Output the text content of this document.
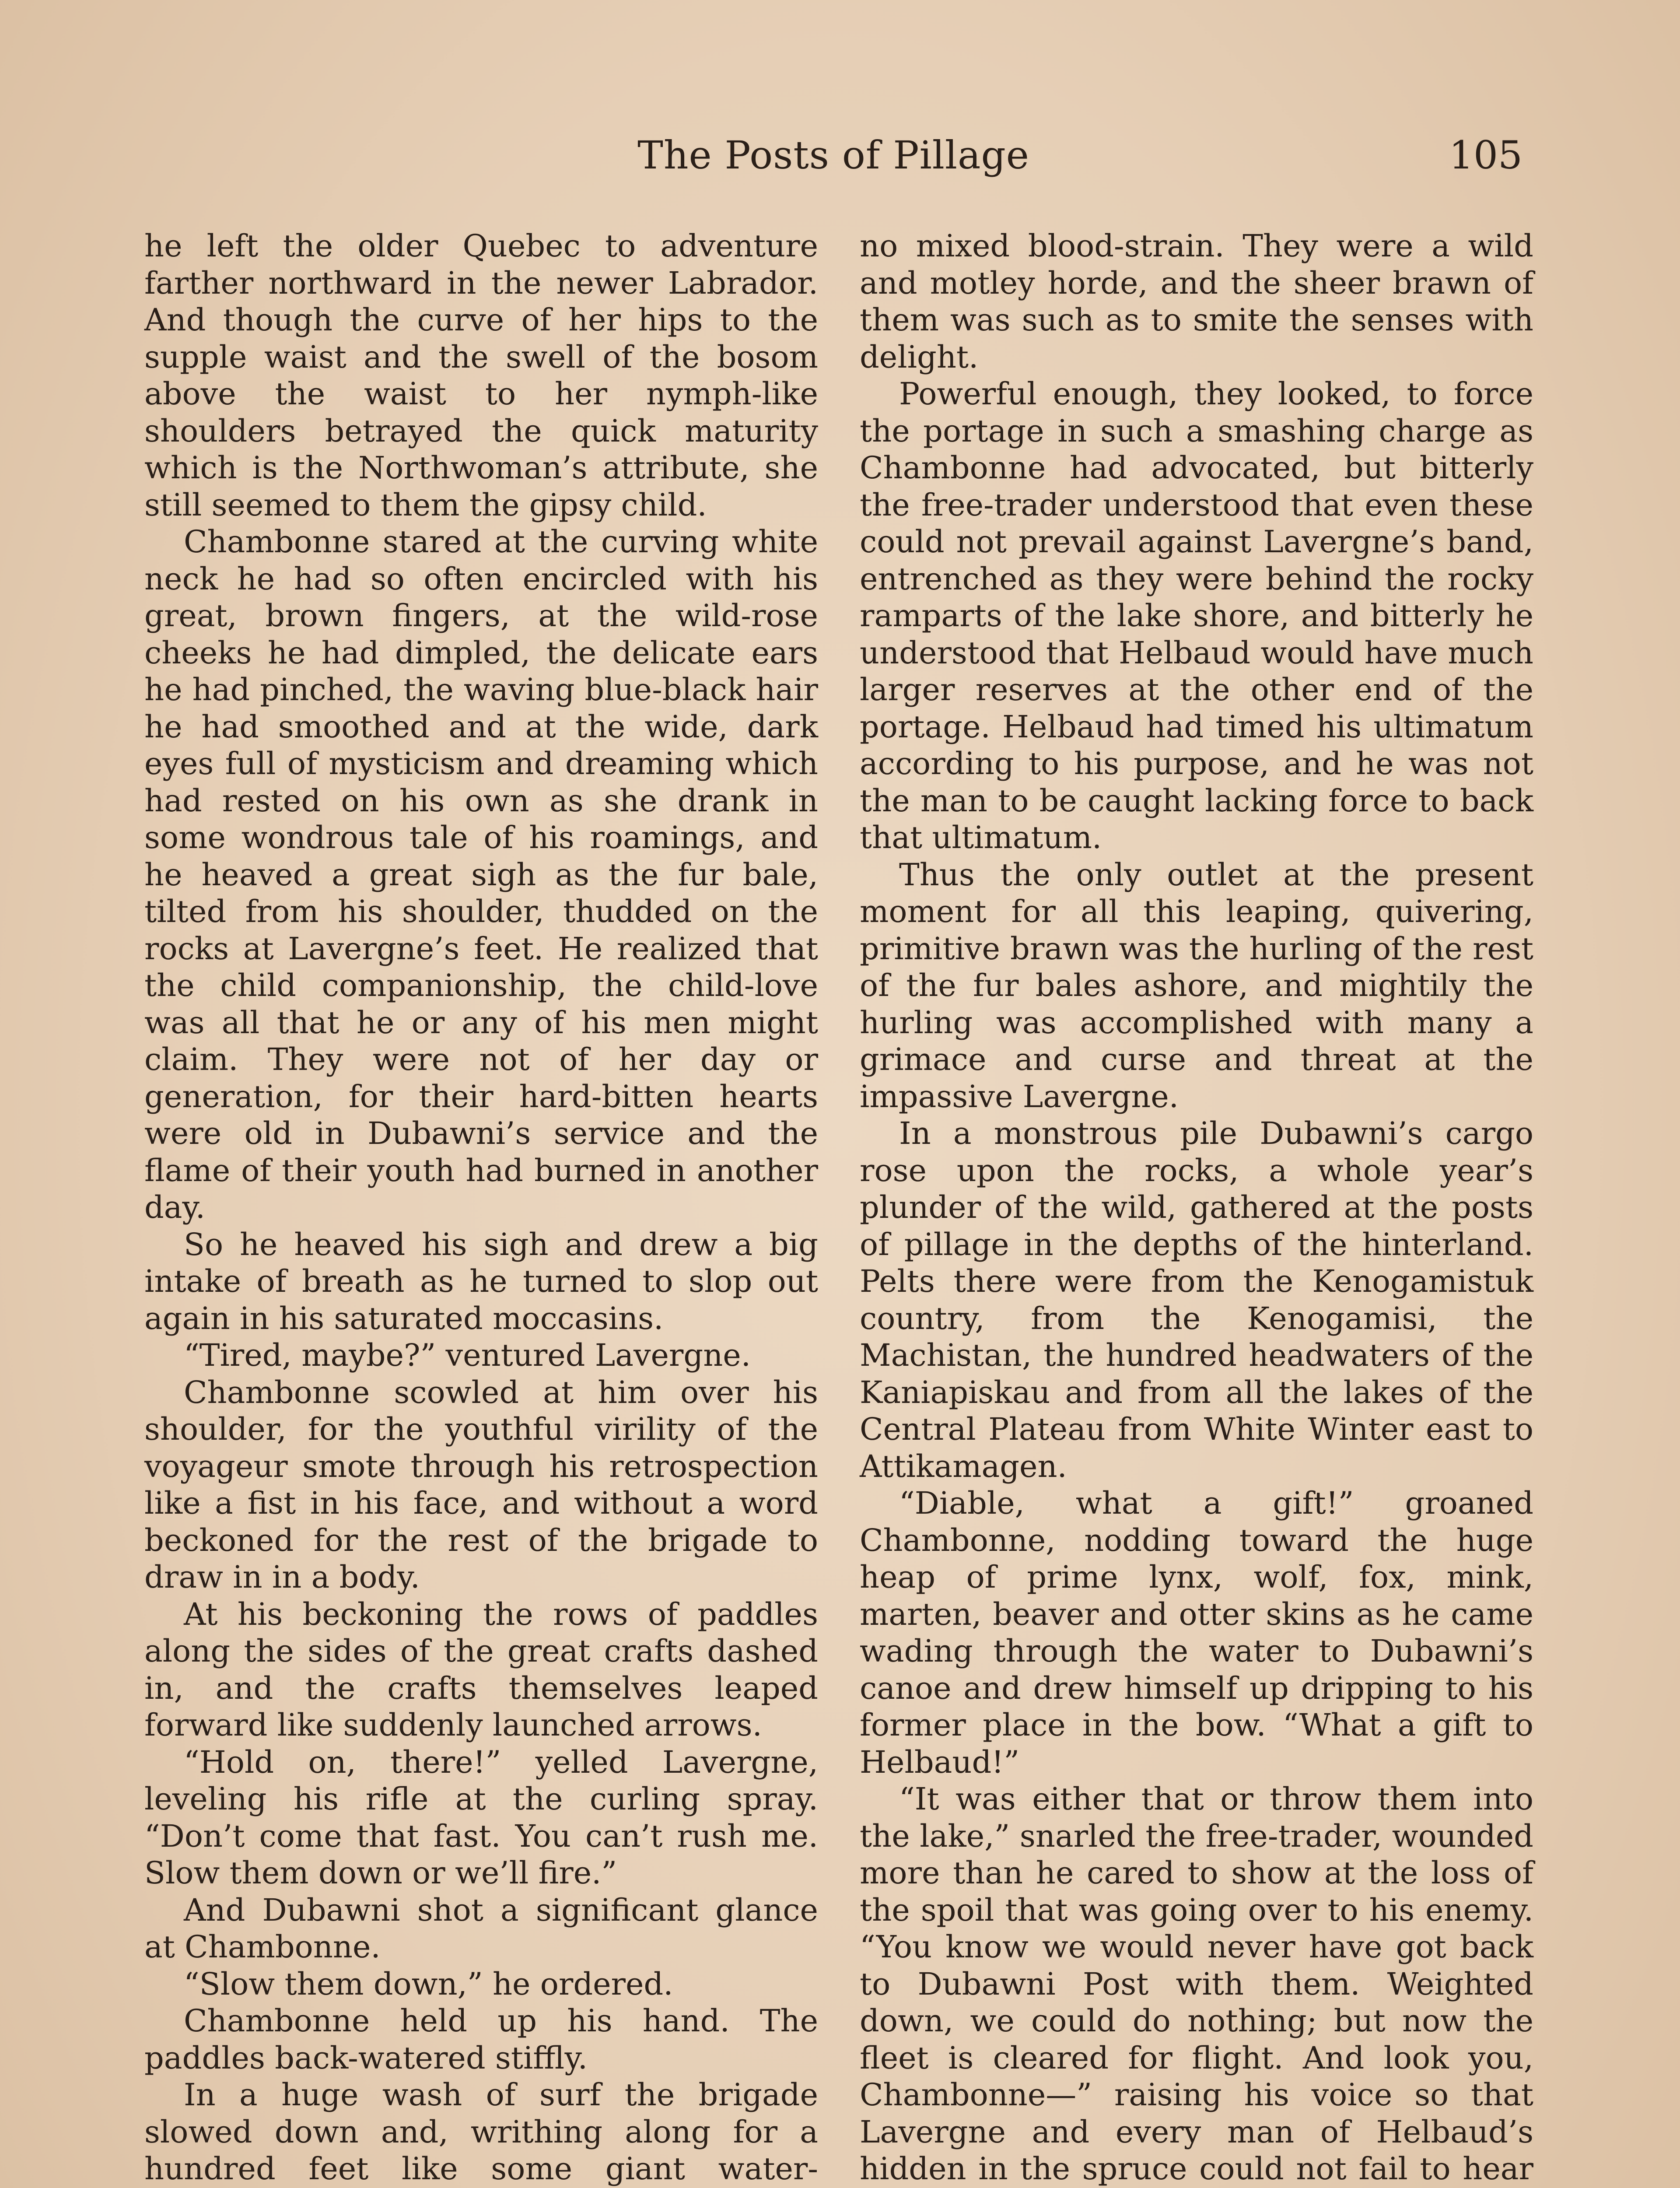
The Posts of Pillage	105

he left the older Quebec to adventure farther northward in the newer Labrador. And though the curve of her hips to the supple waist and the swell of the bosom above the waist to her nymph-like shoulders betrayed the quick maturity which is the Northwoman’s attribute, she still seemed to them the gipsy child.

Chambonne stared at the curving white neck he had so often encircled with his great, brown fingers, at the wild-rose cheeks he had dimpled, the delicate ears he had pinched, the waving blue-black hair he had smoothed and at the wide, dark eyes full of mysticism and dreaming which had rested on his own as she drank in some wondrous tale of his roamings, and he heaved a great sigh as the fur bale, tilted from his shoulder, thudded on the rocks at Lavergne’s feet. He realized that the child companionship, the child-love was all that he or any of his men might claim. They were not of her day or generation, for their hard-bitten hearts were old in Dubawni’s service and the flame of their youth had burned in another day.

So he heaved his sigh and drew a big intake of breath as he turned to slop out again in his saturated moccasins.

“Tired, maybe?” ventured Lavergne.

Chambonne scowled at him over his shoulder, for the youthful virility of the voyageur smote through his retrospection like a fist in his face, and without a word beckoned for the rest of the brigade to draw in in a body.

At his beckoning the rows of paddles along the sides of the great crafts dashed in, and the crafts themselves leaped forward like suddenly launched arrows.

“Hold on, there!” yelled Lavergne, leveling his rifle at the curling spray. “Don’t come that fast. You can’t rush me. Slow them down or we’ll fire.”

And Dubawni shot a significant glance at Chambonne.

“Slow them down,” he ordered.

Chambonne held up his hand. The paddles back-watered stiffly.

In a huge wash of surf the brigade slowed down and, writhing along for a hundred feet like some giant water-

no mixed blood-strain. They were a wild and motley horde, and the sheer brawn of them was such as to smite the senses with delight.

Powerful enough, they looked, to force the portage in such a smashing charge as Chambonne had advocated, but bitterly the free-trader understood that even these could not prevail against Lavergne’s band, entrenched as they were behind the rocky ramparts of the lake shore, and bitterly he understood that Helbaud would have much larger reserves at the other end of the portage. Helbaud had timed his ultimatum according to his purpose, and he was not the man to be caught lacking force to back that ultimatum.

Thus the only outlet at the present moment for all this leaping, quivering, primitive brawn was the hurling of the rest of the fur bales ashore, and mightily the hurling was accomplished with many a grimace and curse and threat at the impassive Lavergne.

In a monstrous pile Dubawni’s cargo rose upon the rocks, a whole year’s plunder of the wild, gathered at the posts of pillage in the depths of the hinterland. Pelts there were from the Kenogamistuk country, from the Kenogamisi, the Machistan, the hundred headwaters of the Kaniapiskau and from all the lakes of the Central Plateau from White Winter east to Attikamagen.

“Diable, what a gift!” groaned Chambonne, nodding toward the huge heap of prime lynx, wolf, fox, mink, marten, beaver and otter skins as he came wading through the water to Dubawni’s canoe and drew himself up dripping to his former place in the bow. “What a gift to Helbaud!”

“It was either that or throw them into the lake,” snarled the free-trader, wounded more than he cared to show at the loss of the spoil that was going over to his enemy. “You know we would never have got back to Dubawni Post with them. Weighted down, we could do nothing; but now the fleet is cleared for flight. And look you, Chambonne—” raising his voice so that Lavergne and every man of Helbaud’s hidden in the spruce could not fail to hear
